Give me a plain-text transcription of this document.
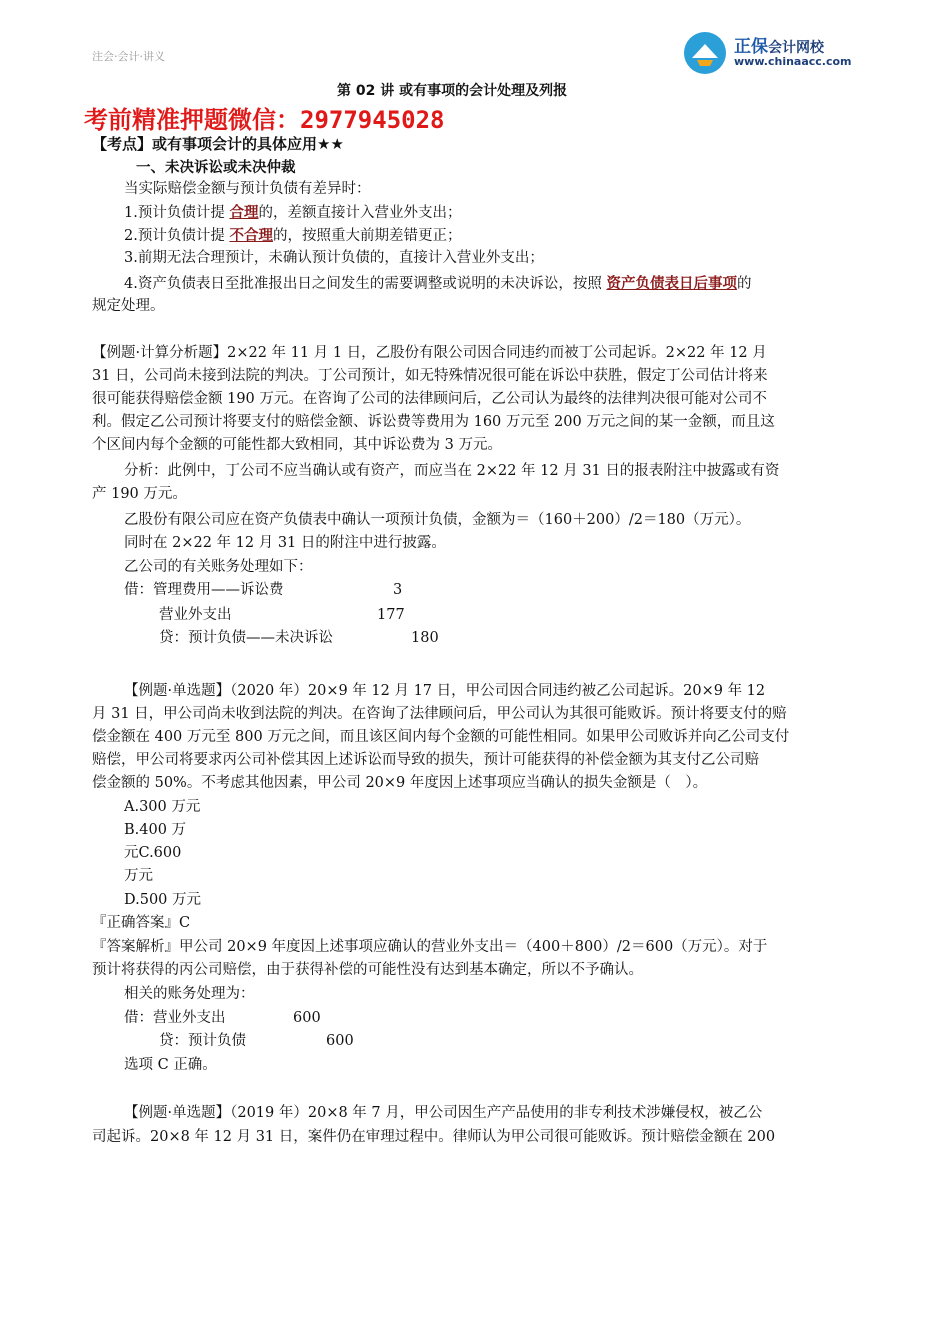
注会·会计·讲义	正保会计网校
www.chinaacc.com
第 02 讲 或有事项的会计处理及列报
考前精准押题微信：2977945028
【考点】或有事项会计的具体应用★★
一、未决诉讼或未决仲裁
当实际赔偿金额与预计负债有差异时：
1.预计负债计提 合理的，差额直接计入营业外支出；
2.预计负债计提 不合理的，按照重大前期差错更正；
3.前期无法合理预计，未确认预计负债的，直接计入营业外支出；
4.资产负债表日至批准报出日之间发生的需要调整或说明的未决诉讼，按照 资产负债表日后事项的
规定处理。
【例题·计算分析题】2×22 年 11 月 1 日，乙股份有限公司因合同违约而被丁公司起诉。2×22 年 12 月
31 日，公司尚未接到法院的判决。丁公司预计，如无特殊情况很可能在诉讼中获胜，假定丁公司估计将来
很可能获得赔偿金额 190 万元。在咨询了公司的法律顾问后，乙公司认为最终的法律判决很可能对公司不
利。假定乙公司预计将要支付的赔偿金额、诉讼费等费用为 160 万元至 200 万元之间的某一金额，而且这
个区间内每个金额的可能性都大致相同，其中诉讼费为 3 万元。
分析：此例中，丁公司不应当确认或有资产，而应当在 2×22 年 12 月 31 日的报表附注中披露或有资
产 190 万元。
乙股份有限公司应在资产负债表中确认一项预计负债，金额为＝（160＋200）/2＝180（万元）。
同时在 2×22 年 12 月 31 日的附注中进行披露。
乙公司的有关账务处理如下：
借：管理费用——诉讼费	3
营业外支出	177
贷：预计负债——未决诉讼	180
【例题·单选题】（2020 年）20×9 年 12 月 17 日，甲公司因合同违约被乙公司起诉。20×9 年 12
月 31 日，甲公司尚未收到法院的判决。在咨询了法律顾问后，甲公司认为其很可能败诉。预计将要支付的赔
偿金额在 400 万元至 800 万元之间，而且该区间内每个金额的可能性相同。如果甲公司败诉并向乙公司支付
赔偿，甲公司将要求丙公司补偿其因上述诉讼而导致的损失，预计可能获得的补偿金额为其支付乙公司赔
偿金额的 50%。不考虑其他因素，甲公司 20×9 年度因上述事项应当确认的损失金额是（　）。
A.300 万元
B.400 万
元C.600
万元
D.500 万元
『正确答案』C
『答案解析』甲公司 20×9 年度因上述事项应确认的营业外支出＝（400＋800）/2＝600（万元）。对于
预计将获得的丙公司赔偿，由于获得补偿的可能性没有达到基本确定，所以不予确认。
相关的账务处理为：
借：营业外支出	600
贷：预计负债	600
选项 C 正确。
【例题·单选题】（2019 年）20×8 年 7 月，甲公司因生产产品使用的非专利技术涉嫌侵权，被乙公
司起诉。20×8 年 12 月 31 日，案件仍在审理过程中。律师认为甲公司很可能败诉。预计赔偿金额在 200
